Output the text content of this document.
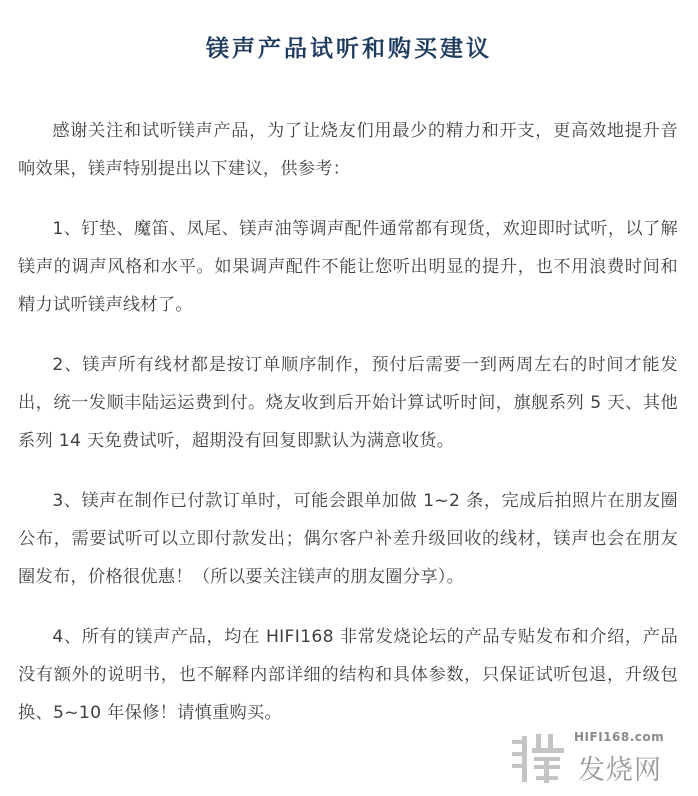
镁声产品试听和购买建议

感谢关注和试听镁声产品，为了让烧友们用最少的精力和开支，更高效地提升音响效果，镁声特别提出以下建议，供参考：

1、钉垫、魔笛、凤尾、镁声油等调声配件通常都有现货，欢迎即时试听，以了解镁声的调声风格和水平。如果调声配件不能让您听出明显的提升，也不用浪费时间和精力试听镁声线材了。

2、镁声所有线材都是按订单顺序制作，预付后需要一到两周左右的时间才能发出，统一发顺丰陆运运费到付。烧友收到后开始计算试听时间，旗舰系列 5 天、其他系列 14 天免费试听，超期没有回复即默认为满意收货。

3、镁声在制作已付款订单时，可能会跟单加做 1~2 条，完成后拍照片在朋友圈公布，需要试听可以立即付款发出；偶尔客户补差升级回收的线材，镁声也会在朋友圈发布，价格很优惠！（所以要关注镁声的朋友圈分享）。

4、所有的镁声产品，均在 HIFI168 非常发烧论坛的产品专贴发布和介绍，产品没有额外的说明书，也不解释内部详细的结构和具体参数，只保证试听包退，升级包换、5~10 年保修！请慎重购买。

HIFI168.com
发烧网
